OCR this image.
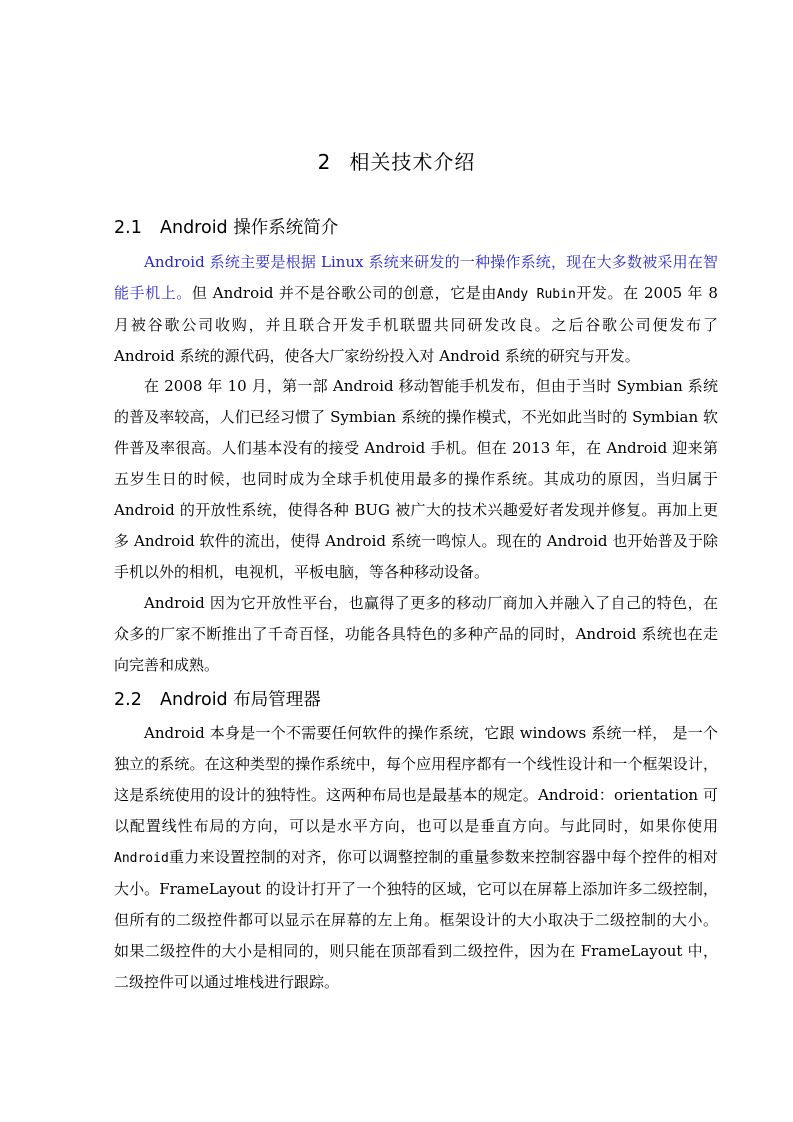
2 相关技术介绍
2.1 Android 操作系统简介

Android 系统主要是根据 Linux 系统来研发的一种操作系统，现在大多数被采用在智能手机上。但 Android 并不是谷歌公司的创意，它是由Andy Rubin开发。在 2005 年 8 月被谷歌公司收购，并且联合开发手机联盟共同研发改良。之后谷歌公司便发布了 Android 系统的源代码，使各大厂家纷纷投入对 Android 系统的研究与开发。

在 2008 年 10 月，第一部 Android 移动智能手机发布，但由于当时 Symbian 系统的普及率较高，人们已经习惯了 Symbian 系统的操作模式，不光如此当时的 Symbian 软件普及率很高。人们基本没有的接受 Android 手机。但在 2013 年，在 Android 迎来第五岁生日的时候，也同时成为全球手机使用最多的操作系统。其成功的原因，当归属于 Android 的开放性系统，使得各种 BUG 被广大的技术兴趣爱好者发现并修复。再加上更多 Android 软件的流出，使得 Android 系统一鸣惊人。现在的 Android 也开始普及于除手机以外的相机，电视机，平板电脑，等各种移动设备。

Android 因为它开放性平台，也赢得了更多的移动厂商加入并融入了自己的特色，在众多的厂家不断推出了千奇百怪，功能各具特色的多种产品的同时，Android 系统也在走向完善和成熟。

2.2 Android 布局管理器

Android 本身是一个不需要任何软件的操作系统，它跟 windows 系统一样， 是一个独立的系统。在这种类型的操作系统中，每个应用程序都有一个线性设计和一个框架设计，这是系统使用的设计的独特性。这两种布局也是最基本的规定。Android：orientation 可以配置线性布局的方向，可以是水平方向，也可以是垂直方向。与此同时，如果你使用Android重力来设置控制的对齐，你可以调整控制的重量参数来控制容器中每个控件的相对大小。FrameLayout 的设计打开了一个独特的区域，它可以在屏幕上添加许多二级控制，但所有的二级控件都可以显示在屏幕的左上角。框架设计的大小取决于二级控制的大小。 如果二级控件的大小是相同的，则只能在顶部看到二级控件，因为在 FrameLayout 中，二级控件可以通过堆栈进行跟踪。
